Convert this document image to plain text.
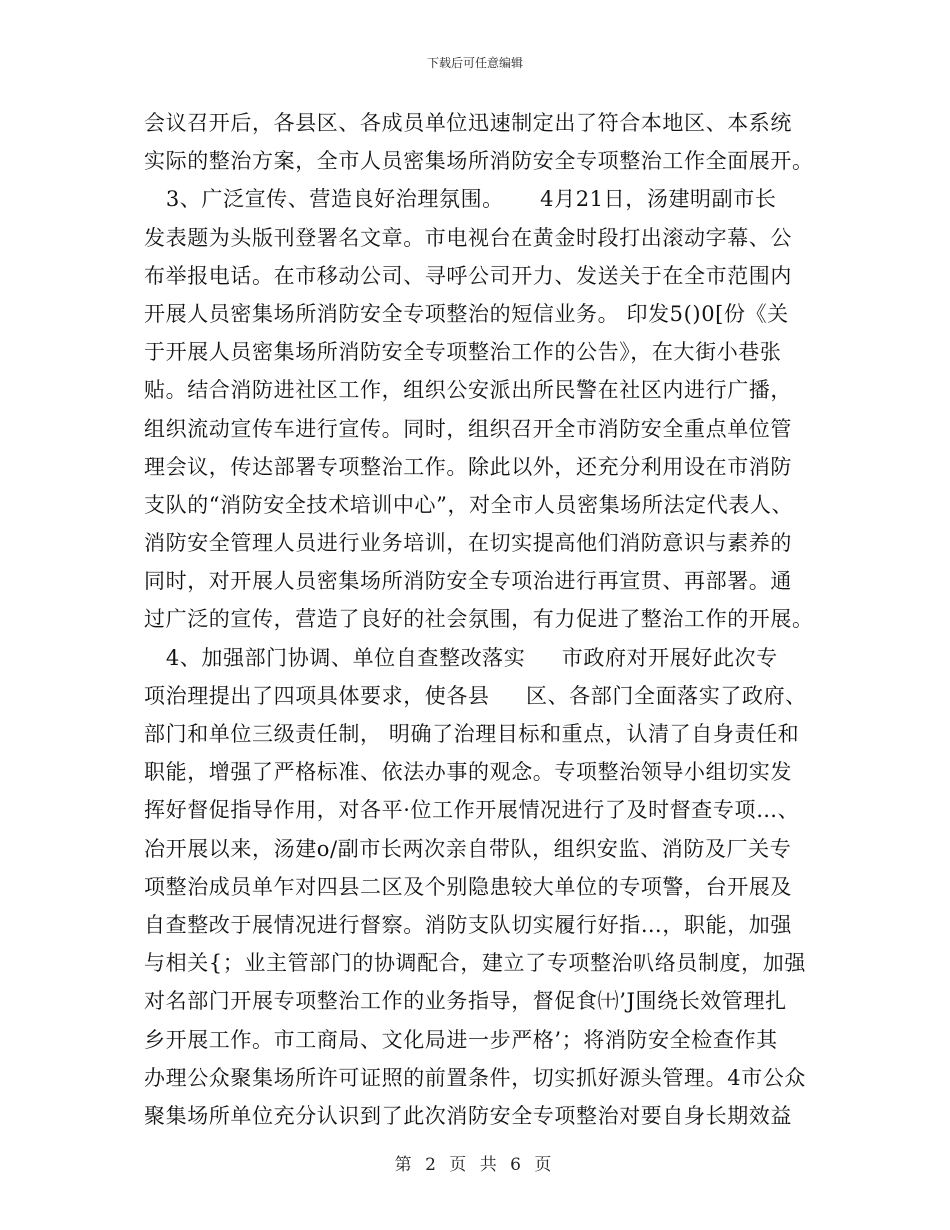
下载后可任意编辑
会议召开后，各县区、各成员单位迅速制定出了符合本地区、本系统
实际的整治方案，全市人员密集场所消防安全专项整治工作全面展开。
3、广泛宣传、营造良好治理氛围。     4月21日，汤建明副市长
发表题为头版刊登署名文章。市电视台在黄金时段打出滚动字幕、公
布举报电话。在市移动公司、寻呼公司开力、发送关于在全市范围内
开展人员密集场所消防安全专项整治的短信业务。 印发5()0[份《关
于开展人员密集场所消防安全专项整治工作的公告》，在大街小巷张
贴。结合消防进社区工作，组织公安派出所民警在社区内进行广播，
组织流动宣传车进行宣传。同时，组织召开全市消防安全重点单位管
理会议，传达部署专项整治工作。除此以外，还充分利用设在市消防
支队的“消防安全技术培训中心”，对全市人员密集场所法定代表人、
消防安全管理人员进行业务培训，在切实提高他们消防意识与素养的
同时，对开展人员密集场所消防安全专项治进行再宣贯、再部署。通
过广泛的宣传，营造了良好的社会氛围，有力促进了整治工作的开展。
4、加强部门协调、单位自查整改落实     市政府对开展好此次专
项治理提出了四项具体要求，使各县     区、各部门全面落实了政府、
部门和单位三级责任制， 明确了治理目标和重点，认清了自身责任和
职能，增强了严格标准、依法办事的观念。专项整治领导小组切实发
挥好督促指导作用，对各平·位工作开展情况进行了及时督查专项…、
冶开展以来，汤建o/副市长两次亲自带队，组织安监、消防及厂关专
项整治成员单乍对四县二区及个别隐患较大单位的专项警，台开展及
自查整改于展情况进行督察。消防支队切实履行好指…，职能，加强
与相关{；业主管部门的协调配合，建立了专项整治叭络员制度，加强
对名部门开展专项整治工作的业务指导，督促食㈩’J围绕长效管理扎
乡开展工作。市工商局、文化局进一步严格’；将消防安全检查作其
办理公众聚集场所许可证照的前置条件，切实抓好源头管理。4市公众
聚集场所单位充分认识到了此次消防安全专项整治对要自身长期效益
第 2 页 共 6 页
